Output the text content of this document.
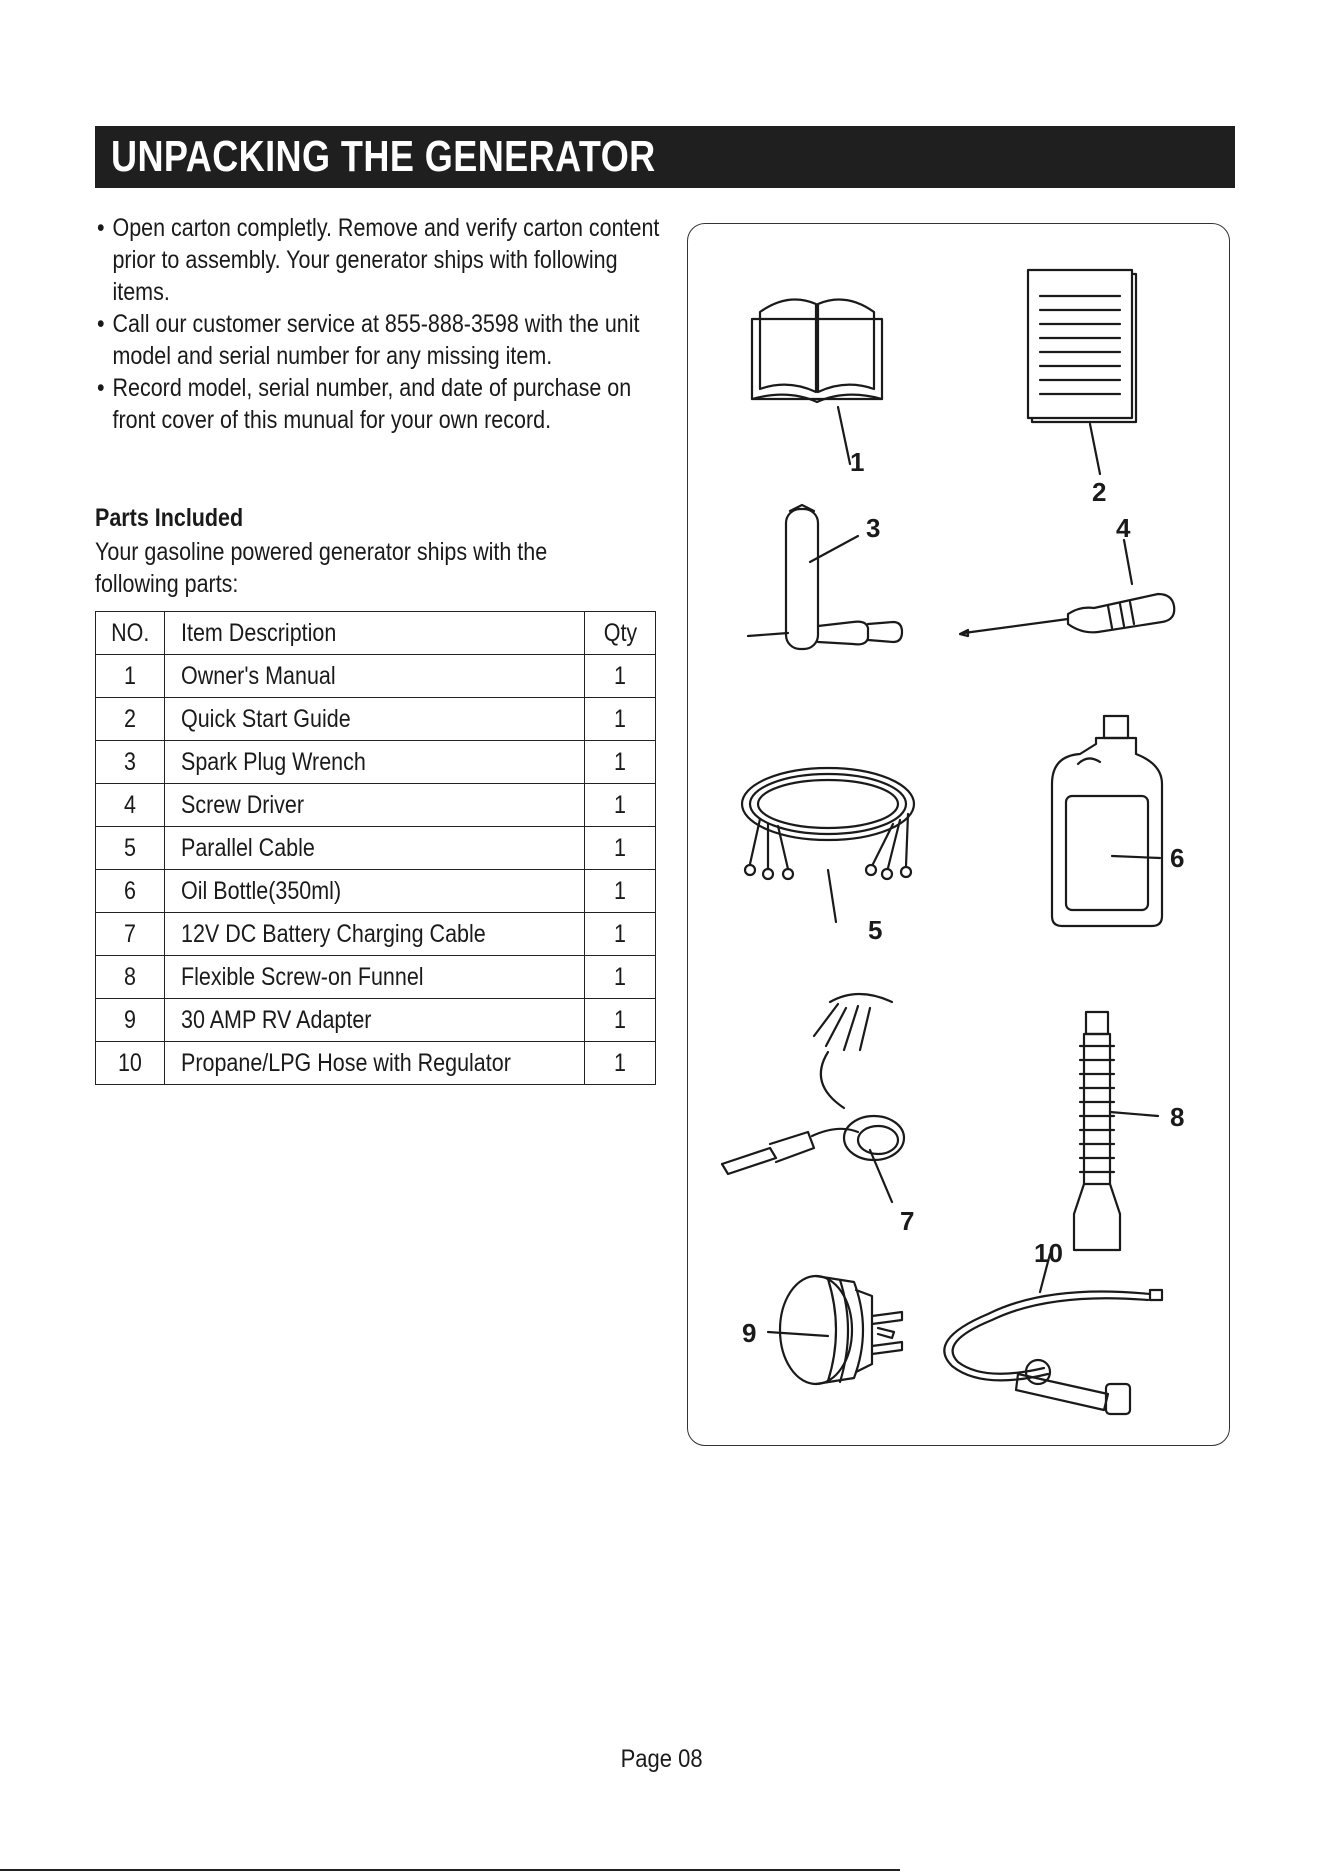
UNPACKING THE GENERATOR
• Open carton completly. Remove and verify carton content prior to assembly. Your generator ships with following items.
• Call our customer service at 855-888-3598 with the unit model and serial number for any missing item.
• Record model, serial number, and date of purchase on front cover of this munual for your own record.
Parts Included
Your gasoline powered generator ships with the following parts:
NO.	Item Description	Qty
1	Owner's Manual	1
2	Quick Start Guide	1
3	Spark Plug Wrench	1
4	Screw Driver	1
5	Parallel Cable	1
6	Oil Bottle(350ml)	1
7	12V DC Battery Charging Cable	1
8	Flexible Screw-on Funnel	1
9	30 AMP RV Adapter	1
10	Propane/LPG Hose with Regulator	1
1
2
3	4
5
6
7
8
9
10
Page 08
